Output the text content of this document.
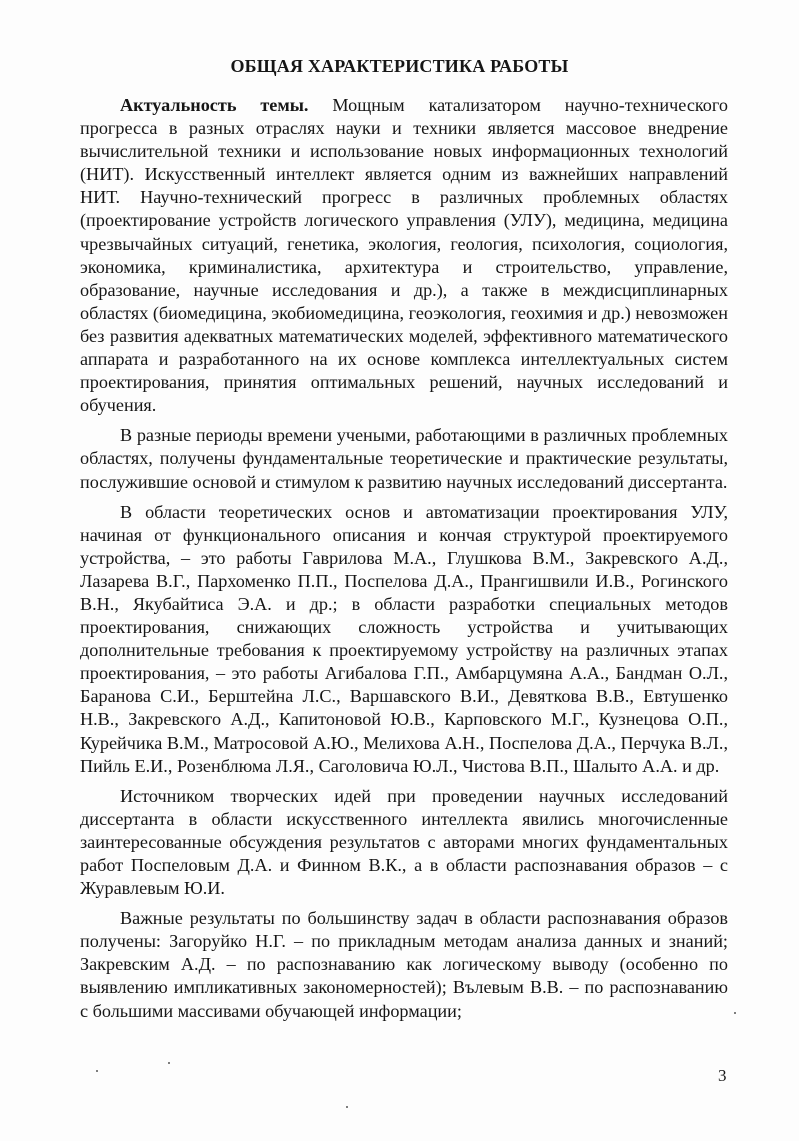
ОБЩАЯ ХАРАКТЕРИСТИКА РАБОТЫ

Актуальность темы. Мощным катализатором научно-технического прогресса в разных отраслях науки и техники является массовое внедрение вычислительной техники и использование новых информационных технологий (НИТ). Искусственный интеллект является одним из важнейших направлений НИТ. Научно-технический прогресс в различных проблемных областях (проектирование устройств логического управления (УЛУ), медицина, медицина чрезвычайных ситуаций, генетика, экология, геология, психология, социология, экономика, криминалистика, архитектура и строительство, управление, образование, научные исследования и др.), а также в междисциплинарных областях (биомедицина, экобиомедицина, геоэкология, геохимия и др.) невозможен без развития адекватных математических моделей, эффективного математического аппарата и разработанного на их основе комплекса интеллектуальных систем проектирования, принятия оптимальных решений, научных исследований и обучения.

В разные периоды времени учеными, работающими в различных проблемных областях, получены фундаментальные теоретические и практические результаты, послужившие основой и стимулом к развитию научных исследований диссертанта.

В области теоретических основ и автоматизации проектирования УЛУ, начиная от функционального описания и кончая структурой проектируемого устройства, – это работы Гаврилова М.А., Глушкова В.М., Закревского А.Д., Лазарева В.Г., Пархоменко П.П., Поспелова Д.А., Прангишвили И.В., Рогинского В.Н., Якубайтиса Э.А. и др.; в области разработки специальных методов проектирования, снижающих сложность устройства и учитывающих дополнительные требования к проектируемому устройству на различных этапах проектирования, – это работы Агибалова Г.П., Амбарцумяна А.А., Бандман О.Л., Баранова С.И., Берштейна Л.С., Варшавского В.И., Девяткова В.В., Евтушенко Н.В., Закревского А.Д., Капитоновой Ю.В., Карповского М.Г., Кузнецова О.П., Курейчика В.М., Матросовой А.Ю., Мелихова А.Н., Поспелова Д.А., Перчука В.Л., Пийль Е.И., Розенблюма Л.Я., Саголовича Ю.Л., Чистова В.П., Шалыто А.А. и др.

Источником творческих идей при проведении научных исследований диссертанта в области искусственного интеллекта явились многочисленные заинтересованные обсуждения результатов с авторами многих фундаментальных работ Поспеловым Д.А. и Финном В.К., а в области распознавания образов – с Журавлевым Ю.И.

Важные результаты по большинству задач в области распознавания образов получены: Загоруйко Н.Г. – по прикладным методам анализа данных и знаний; Закревским А.Д. – по распознаванию как логическому выводу (особенно по выявлению импликативных закономерностей); Вълевым В.В. – по распознаванию с большими массивами обучающей информации;

3
